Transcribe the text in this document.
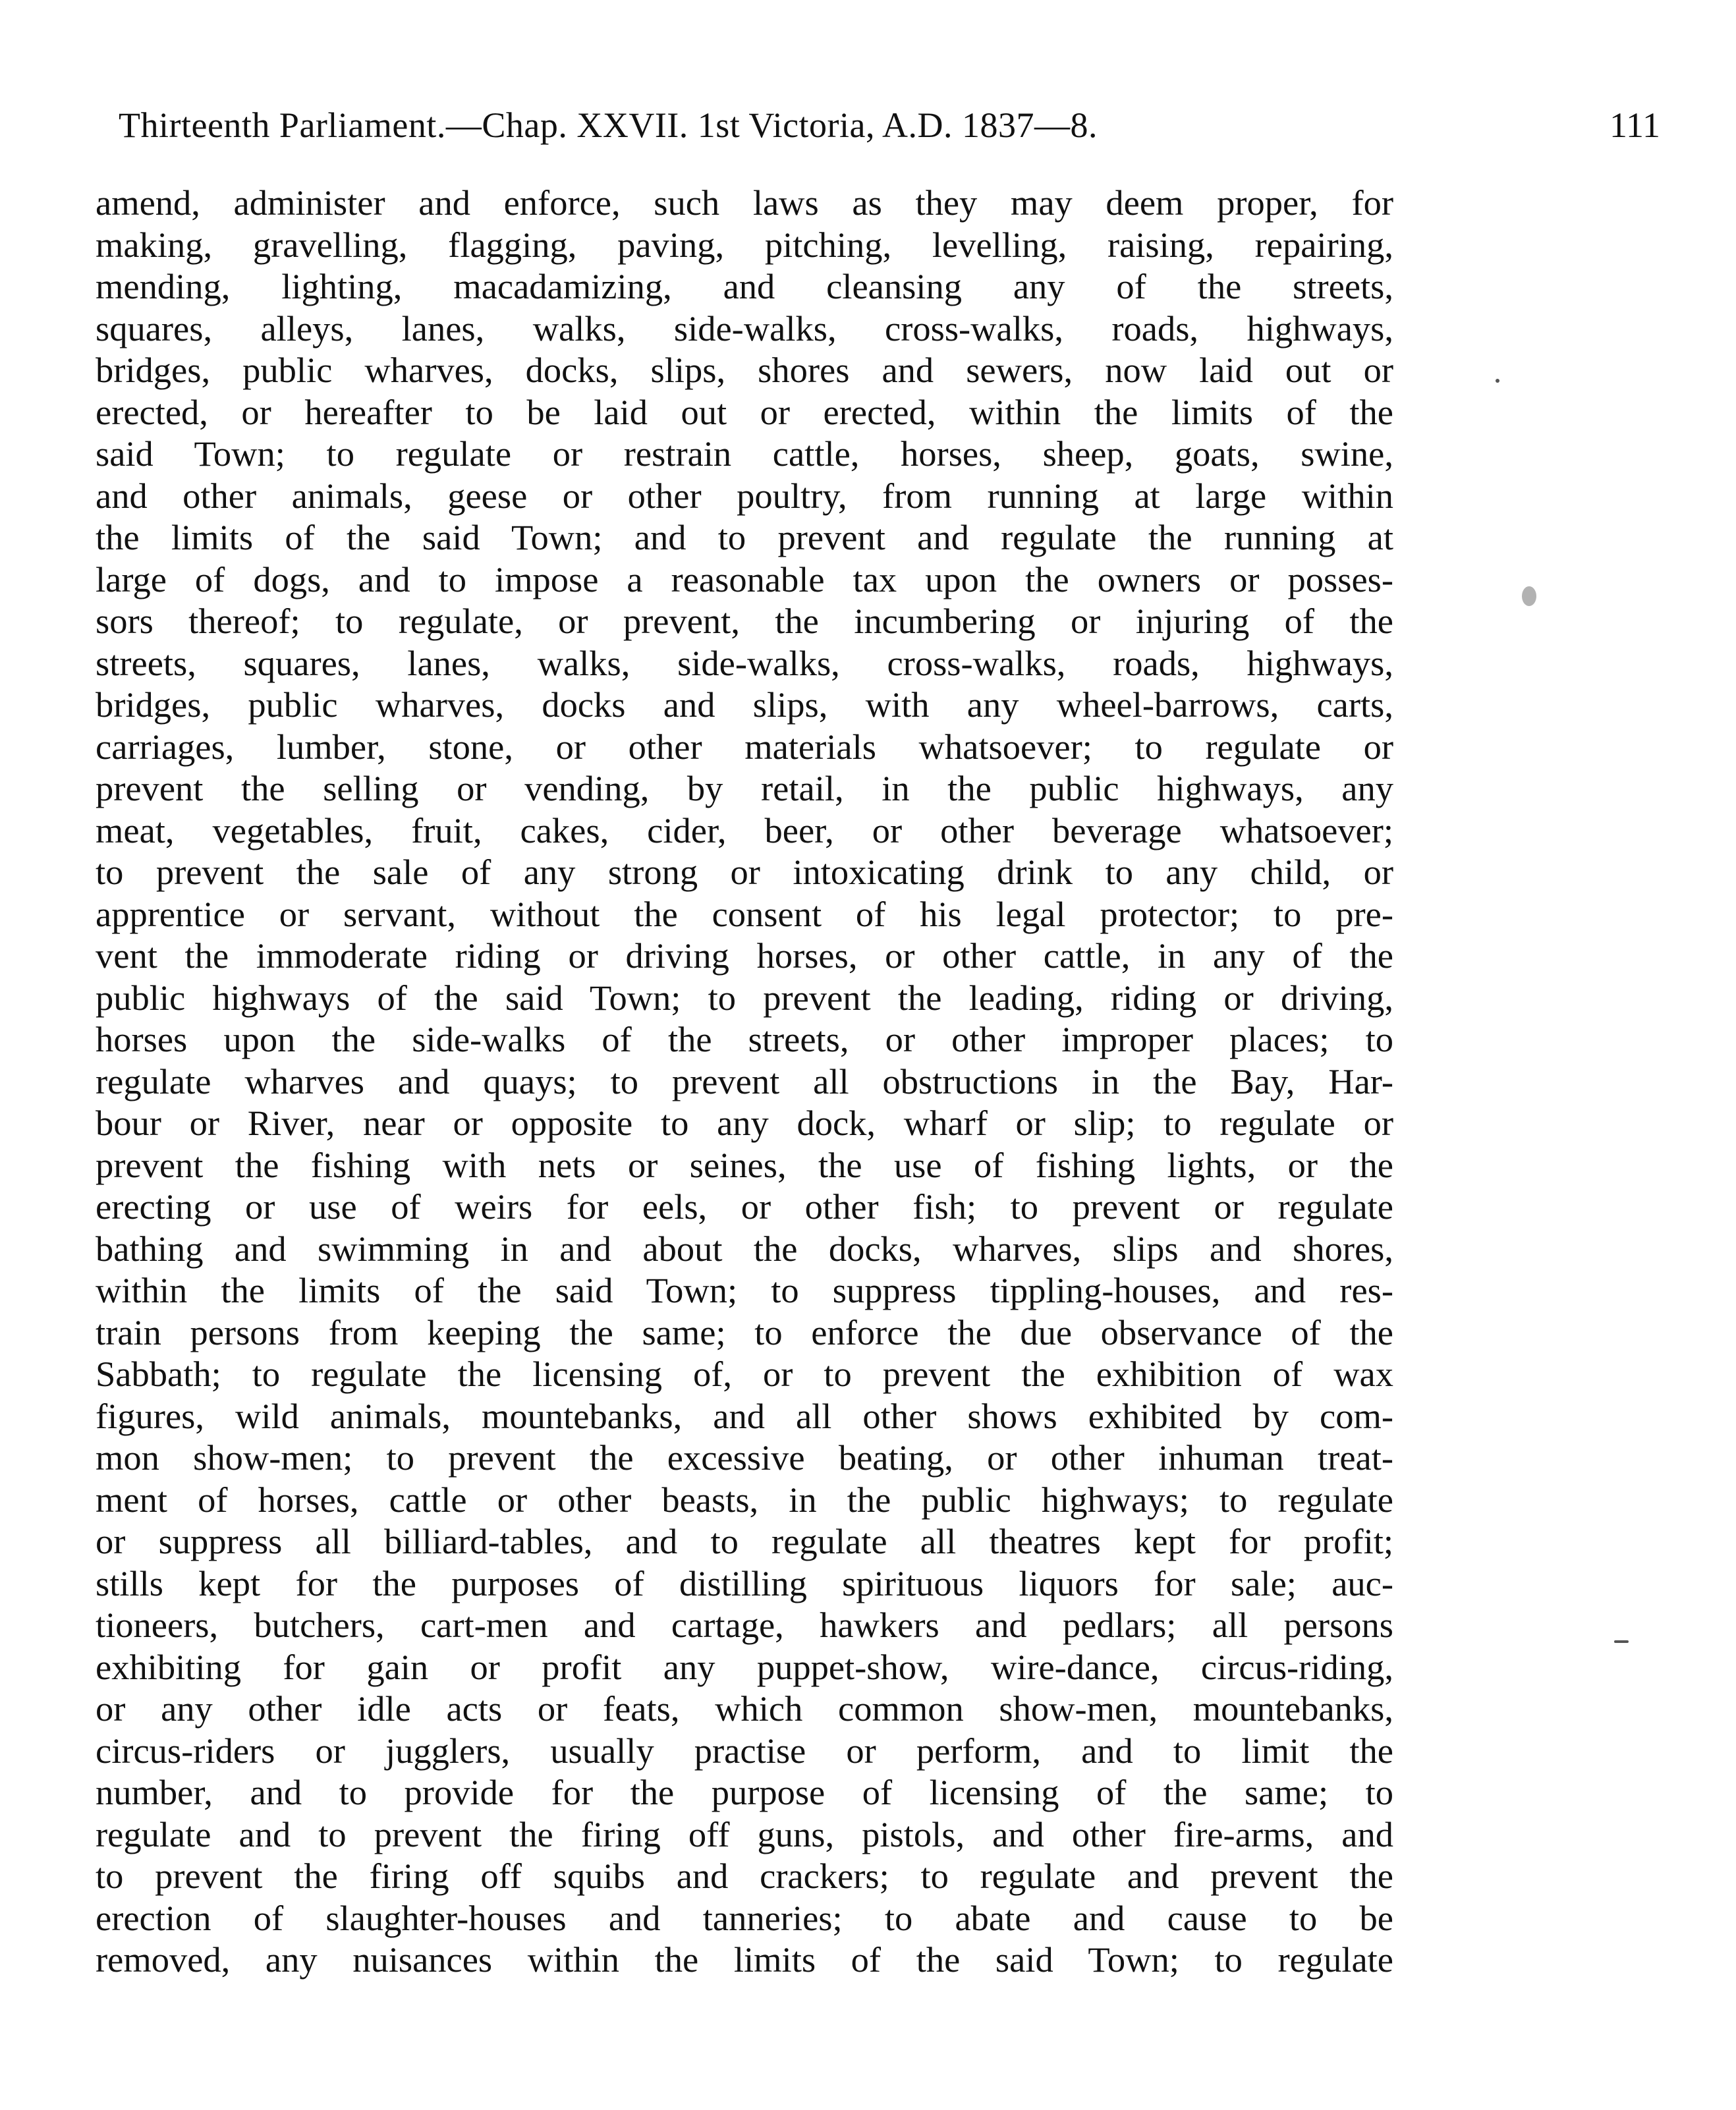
Thirteenth Parliament.—Chap. XXVII. 1st Victoria, A.D. 1837—8.	111
amend, administer and enforce, such laws as they may deem proper, for
making, gravelling, flagging, paving, pitching, levelling, raising, repairing,
mending, lighting, macadamizing, and cleansing any of the streets,
squares, alleys, lanes, walks, side-walks, cross-walks, roads, highways,
bridges, public wharves, docks, slips, shores and sewers, now laid out or
erected, or hereafter to be laid out or erected, within the limits of the
said Town; to regulate or restrain cattle, horses, sheep, goats, swine,
and other animals, geese or other poultry, from running at large within
the limits of the said Town; and to prevent and regulate the running at
large of dogs, and to impose a reasonable tax upon the owners or posses-
sors thereof; to regulate, or prevent, the incumbering or injuring of the
streets, squares, lanes, walks, side-walks, cross-walks, roads, highways,
bridges, public wharves, docks and slips, with any wheel-barrows, carts,
carriages, lumber, stone, or other materials whatsoever; to regulate or
prevent the selling or vending, by retail, in the public highways, any
meat, vegetables, fruit, cakes, cider, beer, or other beverage whatsoever;
to prevent the sale of any strong or intoxicating drink to any child, or
apprentice or servant, without the consent of his legal protector; to pre-
vent the immoderate riding or driving horses, or other cattle, in any of the
public highways of the said Town; to prevent the leading, riding or driving,
horses upon the side-walks of the streets, or other improper places; to
regulate wharves and quays; to prevent all obstructions in the Bay, Har-
bour or River, near or opposite to any dock, wharf or slip; to regulate or
prevent the fishing with nets or seines, the use of fishing lights, or the
erecting or use of weirs for eels, or other fish; to prevent or regulate
bathing and swimming in and about the docks, wharves, slips and shores,
within the limits of the said Town; to suppress tippling-houses, and res-
train persons from keeping the same; to enforce the due observance of the
Sabbath; to regulate the licensing of, or to prevent the exhibition of wax
figures, wild animals, mountebanks, and all other shows exhibited by com-
mon show-men; to prevent the excessive beating, or other inhuman treat-
ment of horses, cattle or other beasts, in the public highways; to regulate
or suppress all billiard-tables, and to regulate all theatres kept for profit;
stills kept for the purposes of distilling spirituous liquors for sale; auc-
tioneers, butchers, cart-men and cartage, hawkers and pedlars; all persons
exhibiting for gain or profit any puppet-show, wire-dance, circus-riding,
or any other idle acts or feats, which common show-men, mountebanks,
circus-riders or jugglers, usually practise or perform, and to limit the
number, and to provide for the purpose of licensing of the same; to
regulate and to prevent the firing off guns, pistols, and other fire-arms, and
to prevent the firing off squibs and crackers; to regulate and prevent the
erection of slaughter-houses and tanneries; to abate and cause to be
removed, any nuisances within the limits of the said Town; to regulate
